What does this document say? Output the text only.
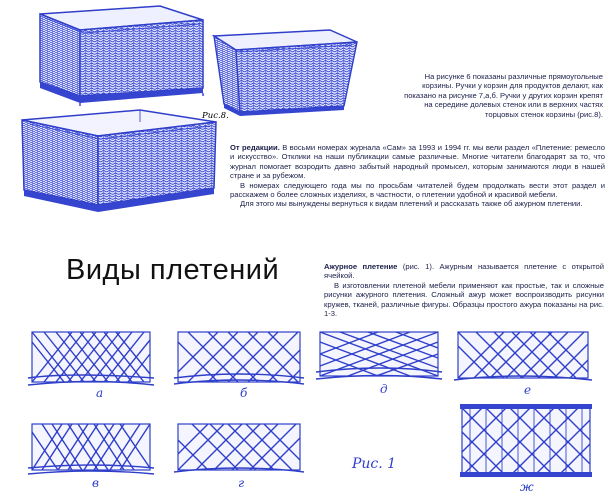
Рис.8.

На рисунке 6 показаны различные прямоугольные корзины. Ручки у корзин для продуктов делают, как показано на рисунке 7,а,б. Ручки у других корзин крепят на середине долевых стенок или в верхних частях торцовых стенок корзины (рис.8).

От редакции. В восьми номерах журнала «Сам» за 1993 и 1994 гг. мы вели раздел «Плетение: ремесло и искусство». Отклики на наши публикации самые различные. Многие читатели благодарят за то, что журнал помогает возродить давно забытый народный промысел, которым занимаются люди в нашей стране и за рубежом.

В номерах следующего года мы по просьбам читателей будем продолжать вести этот раздел и расскажем о более сложных изделиях, в частности, о плетении удобной и красивой мебели.

Для этого мы вынуждены вернуться к видам плетений и рассказать также об ажурном плетении.

Виды плетений	Ажурное плетение (рис. 1). Ажурным называется плетение с открытой ячейкой.

В изготовлении плетеной мебели применяют как простые, так и сложные рисунки ажурного плетения. Сложный ажур может воспроизводить рисунки кружев, тканей, различные фигуры. Образцы простого ажура показаны на рис. 1-3.

а	б	д	е
в	г	ж
Рис. 1
